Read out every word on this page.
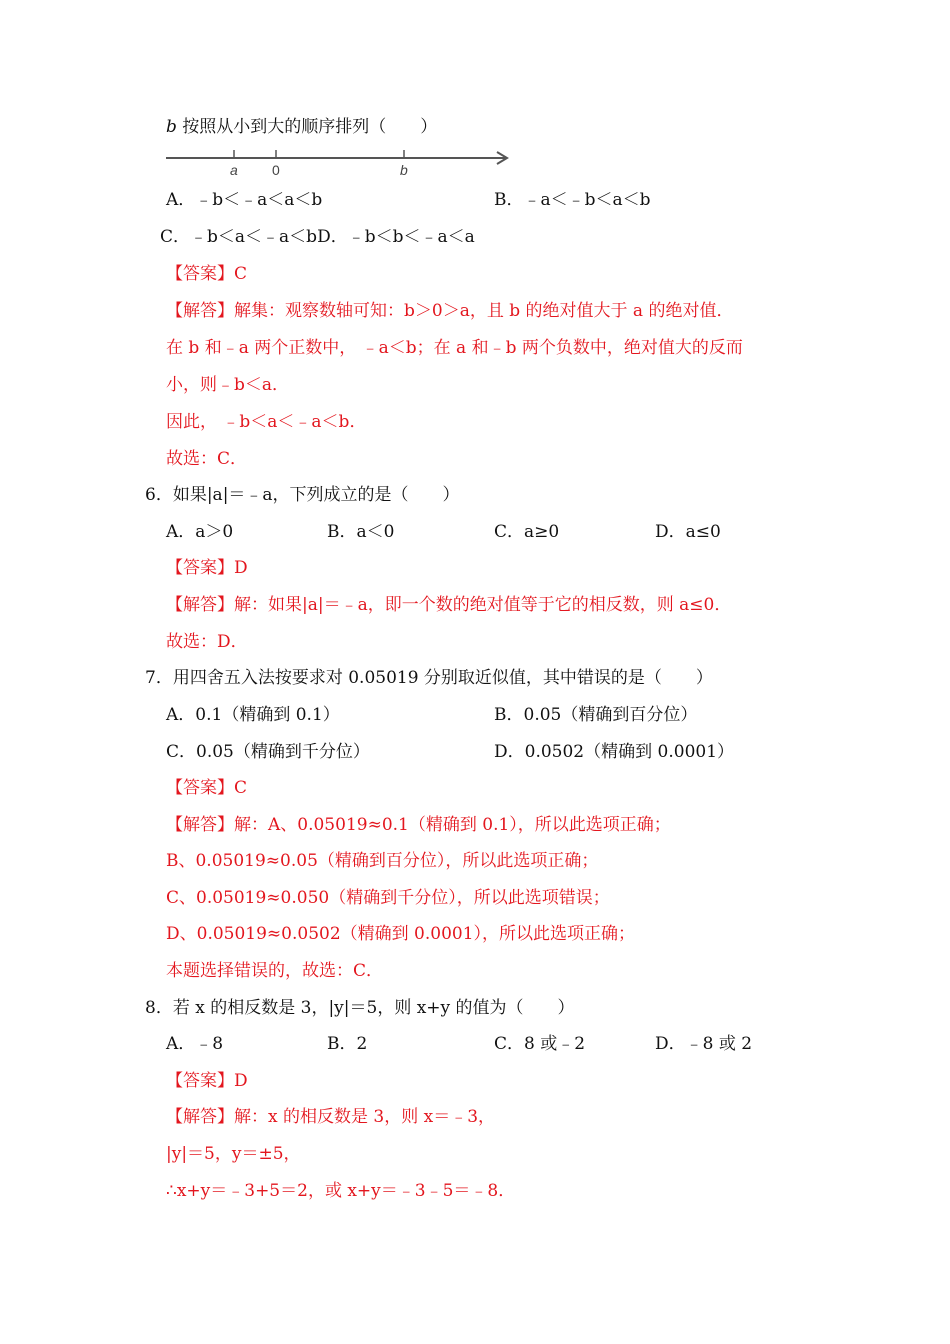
b 按照从小到大的顺序排列（　　）
a 0	b
A．﹣b＜﹣a＜a＜b	B．﹣a＜﹣b＜a＜b
C．﹣b＜a＜﹣a＜bD．﹣b＜b＜﹣a＜a
【答案】C
【解答】解集：观察数轴可知：b＞0＞a，且 b 的绝对值大于 a 的绝对值．
在 b 和﹣a 两个正数中， ﹣a＜b；在 a 和﹣b 两个负数中，绝对值大的反而
小，则﹣b＜a．
因此， ﹣b＜a＜﹣a＜b．
故选：C．
6．如果|a|＝﹣a，下列成立的是（　　）
A．a＞0	B．a＜0	C．a≥0	D．a≤0
【答案】D
【解答】解：如果|a|＝﹣a，即一个数的绝对值等于它的相反数，则 a≤0．
故选：D．
7．用四舍五入法按要求对 0.05019 分别取近似值，其中错误的是（　　）
A．0.1（精确到 0.1）	B．0.05（精确到百分位）
C．0.05（精确到千分位）	D．0.0502（精确到 0.0001）
【答案】C
【解答】解：A、0.05019≈0.1（精确到 0.1），所以此选项正确；
B、0.05019≈0.05（精确到百分位），所以此选项正确；
C、0.05019≈0.050（精确到千分位），所以此选项错误；
D、0.05019≈0.0502（精确到 0.0001），所以此选项正确；
本题选择错误的，故选：C．
8．若 x 的相反数是 3，|y|＝5，则 x+y 的值为（　　）
A．﹣8	B．2	C．8 或﹣2	D．﹣8 或 2
【答案】D
【解答】解：x 的相反数是 3，则 x＝﹣3，
|y|＝5，y＝±5，
∴x+y＝﹣3+5＝2，或 x+y＝﹣3﹣5＝﹣8．
